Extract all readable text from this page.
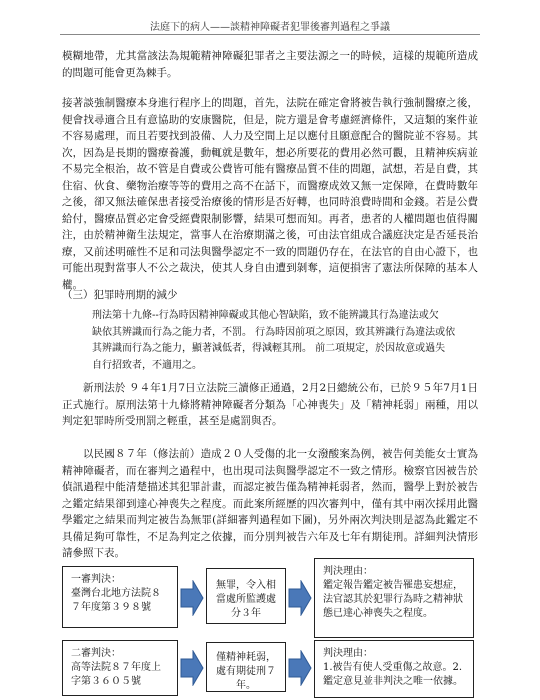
法庭下的病人——談精神障礙者犯罪後審判過程之爭議

模糊地帶，尤其當該法為規範精神障礙犯罪者之主要法源之一的時候，這樣的規範所造成的問題可能會更為棘手。

接著談強制醫療本身進行程序上的問題，首先，法院在確定會將被告執行強制醫療之後，便會找尋適合且有意協助的安康醫院，但是，院方還是會考慮經濟條件，又這類的案件並不容易處理，而且若要找到設備、人力及空間上足以應付且願意配合的醫院並不容易。其次，因為是長期的醫療養護，動輒就是數年，想必所要花的費用必然可觀，且精神疾病並不易完全根治，故不管是自費或公費皆可能有醫療品質不佳的問題，試想，若是自費，其住宿、伙食、藥物治療等等的費用之高不在話下，而醫療成效又無一定保障，在費時數年之後，卻又無法確保患者接受治療後的情形是否好轉，也同時浪費時間和金錢。若是公費給付，醫療品質必定會受經費限制影響，結果可想而知。再者，患者的人權問題也值得關注，由於精神衛生法規定，當事人在治療期滿之後，可由法官組成合議庭決定是否延長治療，又前述明確性不足和司法與醫學認定不一致的問題仍存在，在法官的自由心證下，也可能出現對當事人不公之裁決，使其人身自由遭到剝奪，這便損害了憲法所保障的基本人權。

（三）犯罪時刑期的減少
刑法第十九條--行為時因精神障礙或其他心智缺陷，致不能辨識其行為違法或欠
缺依其辨識而行為之能力者，不罰。 行為時因前項之原因，致其辨識行為違法或依
其辨識而行為之能力，顯著減低者，得減輕其刑。 前二項規定，於因故意或過失
自行招致者，不適用之。

新刑法於 ９４年1月7日立法院三讀修正通過，2月2日總統公布，已於９５年7月1日正式施行。原刑法第十九條將精神障礙者分類為「心神喪失」及「精神耗弱」兩種，用以判定犯罪時所受刑罰之輕重，甚至是處罰與否。

以民國８７年（修法前）造成２０人受傷的北一女潑酸案為例，被告何美能女士實為精神障礙者，而在審判之過程中，也出現司法與醫學認定不一致之情形。檢察官因被告於偵訊過程中能清楚描述其犯罪計畫，而認定被告僅為精神耗弱者，然而，醫學上對於被告之鑑定結果卻到達心神喪失之程度。而此案所經歷的四次審判中，僅有其中兩次採用此醫學鑑定之結果而判定被告為無罪(詳細審判過程如下圖)，另外兩次判決則是認為此鑑定不具備足夠可靠性，不足為判定之依據，而分別判被告六年及七年有期徒刑。詳細判決情形請參照下表。

一審判決：
臺灣台北地方法院８７年度第３９８號
無罪，令入相當處所監護處分３年
判決理由：
鑑定報告鑑定被告罹患妄想症，法官認其於犯罪行為時之精神狀態已達心神喪失之程度。
二審判決：
高等法院８７年度上字第３６０５號
僅精神耗弱，處有期徒刑７年。
判決理由：
1.被告有使人受重傷之故意。2.鑑定意見並非判決之唯一依據。
